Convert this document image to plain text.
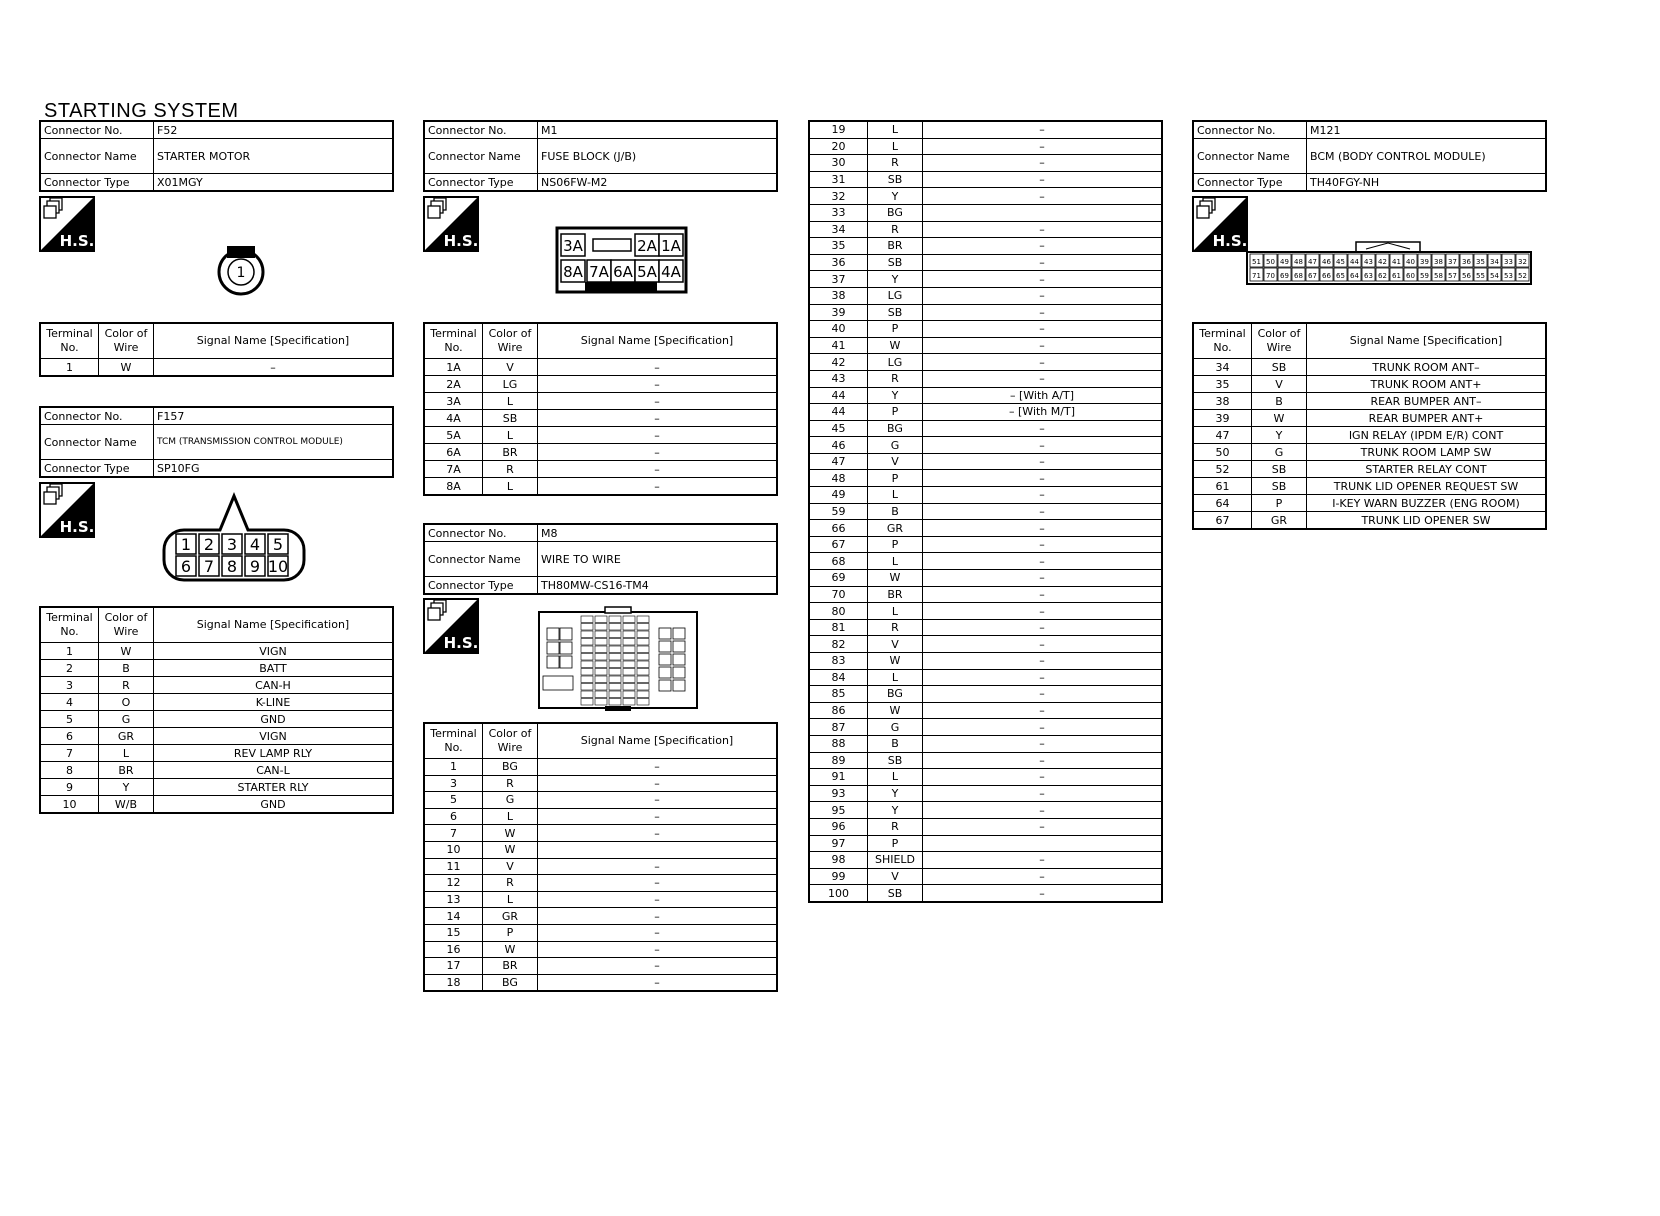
STARTING SYSTEM
Connector No.	F52
Connector Name	STARTER MOTOR
Connector Type	X01MGY
H.S.
1
Terminal No.	Color of Wire	Signal Name [Specification]
1	W	–
Connector No.	F157
Connector Name	TCM (TRANSMISSION CONTROL MODULE)
Connector Type	SP10FG
H.S.
1 2 3 4 5
6 7 8 9 10
Terminal No.	Color of Wire	Signal Name [Specification]
1	W	VIGN
2	B	BATT
3	R	CAN-H
4	O	K-LINE
5	G	GND
6	GR	VIGN
7	L	REV LAMP RLY
8	BR	CAN-L
9	Y	STARTER RLY
10	W/B	GND
Connector No.	M1
Connector Name	FUSE BLOCK (J/B)
Connector Type	NS06FW-M2
H.S.	3A	2A 1A
8A 7A 6A 5A 4A
Terminal No.	Color of Wire	Signal Name [Specification]
1A	V	–
2A	LG	–
3A	L	–
4A	SB	–
5A	L	–
6A	BR	–
7A	R	–
8A	L	–
Connector No.	M8
Connector Name	WIRE TO WIRE
Connector Type	TH80MW-CS16-TM4
H.S.
Terminal No.	Color of Wire	Signal Name [Specification]
1	BG	–
3	R	–
5	G	–
6	L	–
7	W	–
10	W	
11	V	–
12	R	–
13	L	–
14	GR	–
15	P	–
16	W	–
17	BR	–
18	BG	–
19	L	–
20	L	–
30	R	–
31	SB	–
32	Y	–
33	BG	
34	R	–
35	BR	–
36	SB	–
37	Y	–
38	LG	–
39	SB	–
40	P	–
41	W	–
42	LG	–
43	R	–
44	Y	– [With A/T]
44	P	– [With M/T]
45	BG	–
46	G	–
47	V	–
48	P	–
49	L	–
59	B	–
66	GR	–
67	P	–
68	L	–
69	W	–
70	BR	–
80	L	–
81	R	–
82	V	–
83	W	–
84	L	–
85	BG	–
86	W	–
87	G	–
88	B	–
89	SB	–
91	L	–
93	Y	–
95	Y	–
96	R	–
97	P	
98	SHIELD	–
99	V	–
100	SB	–
Connector No.	M121
Connector Name	BCM (BODY CONTROL MODULE)
Connector Type	TH40FGY-NH
H.S.
51 50 49 48 47 46 45 44 43 42 41 40 39 38 37 36 35 34 33 32
71 70 69 68 67 66 65 64 63 62 61 60 59 58 57 56 55 54 53 52
Terminal No.	Color of Wire	Signal Name [Specification]
34	SB	TRUNK ROOM ANT–
35	V	TRUNK ROOM ANT+
38	B	REAR BUMPER ANT–
39	W	REAR BUMPER ANT+
47	Y	IGN RELAY (IPDM E/R) CONT
50	G	TRUNK ROOM LAMP SW
52	SB	STARTER RELAY CONT
61	SB	TRUNK LID OPENER REQUEST SW
64	P	I-KEY WARN BUZZER (ENG ROOM)
67	GR	TRUNK LID OPENER SW
